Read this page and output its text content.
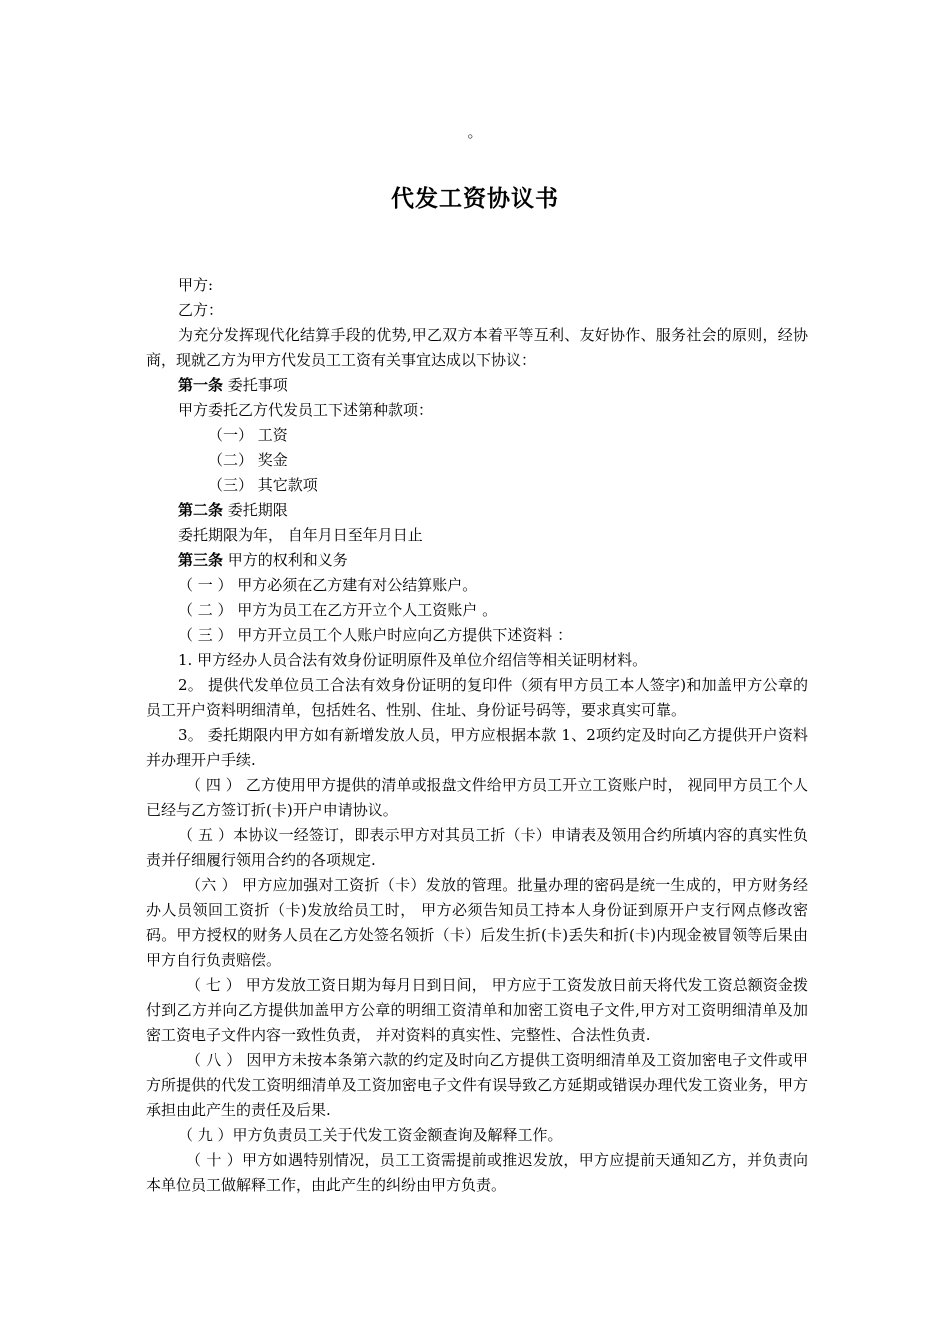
。
代发工资协议书
甲方:
乙方：
为充分发挥现代化结算手段的优势,甲乙双方本着平等互利、友好协作、服务社会的原则，经协商，现就乙方为甲方代发员工工资有关事宜达成以下协议：
第一条 委托事项
甲方委托乙方代发员工下述第种款项：
（一） 工资
（二） 奖金
（三） 其它款项
第二条 委托期限
委托期限为年， 自年月日至年月日止
第三条 甲方的权利和义务
（ 一 ） 甲方必须在乙方建有对公结算账户。
（ 二 ） 甲方为员工在乙方开立个人工资账户 。
（ 三 ） 甲方开立员工个人账户时应向乙方提供下述资料 ：
1. 甲方经办人员合法有效身份证明原件及单位介绍信等相关证明材料。
2。 提供代发单位员工合法有效身份证明的复印件（须有甲方员工本人签字)和加盖甲方公章的员工开户资料明细清单，包括姓名、性别、住址、身份证号码等，要求真实可靠。
3。 委托期限内甲方如有新增发放人员，甲方应根据本款 1、2项约定及时向乙方提供开户资料并办理开户手续.
（ 四 ） 乙方使用甲方提供的清单或报盘文件给甲方员工开立工资账户时， 视同甲方员工个人已经与乙方签订折(卡)开户申请协议。
（ 五 ）本协议一经签订，即表示甲方对其员工折（卡）申请表及领用合约所填内容的真实性负责并仔细履行领用合约的各项规定.
（六 ） 甲方应加强对工资折（卡）发放的管理。批量办理的密码是统一生成的，甲方财务经办人员领回工资折（卡)发放给员工时， 甲方必须告知员工持本人身份证到原开户支行网点修改密码。甲方授权的财务人员在乙方处签名领折（卡）后发生折(卡)丢失和折(卡)内现金被冒领等后果由甲方自行负责赔偿。
（ 七 ） 甲方发放工资日期为每月日到日间， 甲方应于工资发放日前天将代发工资总额资金拨付到乙方并向乙方提供加盖甲方公章的明细工资清单和加密工资电子文件,甲方对工资明细清单及加密工资电子文件内容一致性负责， 并对资料的真实性、完整性、合法性负责.
（ 八 ） 因甲方未按本条第六款的约定及时向乙方提供工资明细清单及工资加密电子文件或甲方所提供的代发工资明细清单及工资加密电子文件有误导致乙方延期或错误办理代发工资业务，甲方承担由此产生的责任及后果.
（ 九 ）甲方负责员工关于代发工资金额查询及解释工作。
（ 十 ）甲方如遇特别情况，员工工资需提前或推迟发放，甲方应提前天通知乙方，并负责向本单位员工做解释工作，由此产生的纠纷由甲方负责。
